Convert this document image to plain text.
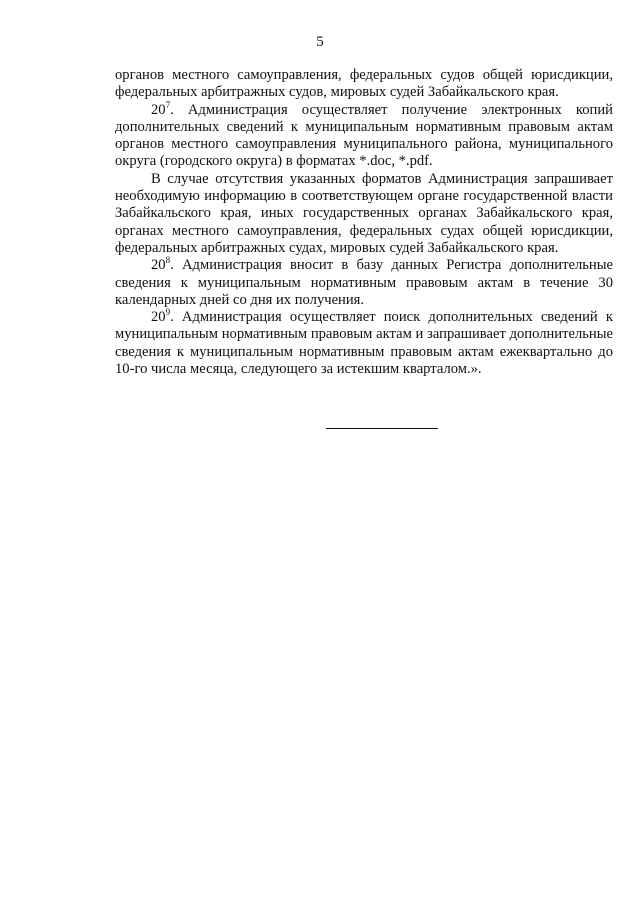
5

органов местного самоуправления, федеральных судов общей юрисдикции, федеральных арбитражных судов, мировых судей Забайкальского края.

$20^7$. Администрация осуществляет получение электронных копий дополнительных сведений к муниципальным нормативным правовым актам органов местного самоуправления муниципального района, муниципального округа (городского округа) в форматах *.doc, *.pdf.

В случае отсутствия указанных форматов Администрация запрашивает необходимую информацию в соответствующем органе государственной власти Забайкальского края, иных государственных органах Забайкальского края, органах местного самоуправления, федеральных судах общей юрисдикции, федеральных арбитражных судах, мировых судей Забайкальского края.

$20^8$. Администрация вносит в базу данных Регистра дополнительные сведения к муниципальным нормативным правовым актам в течение 30 календарных дней со дня их получения.

$20^9$. Администрация осуществляет поиск дополнительных сведений к муниципальным нормативным правовым актам и запрашивает дополнительные сведения к муниципальным нормативным правовым актам ежеквартально до 10-го числа месяца, следующего за истекшим кварталом.».
